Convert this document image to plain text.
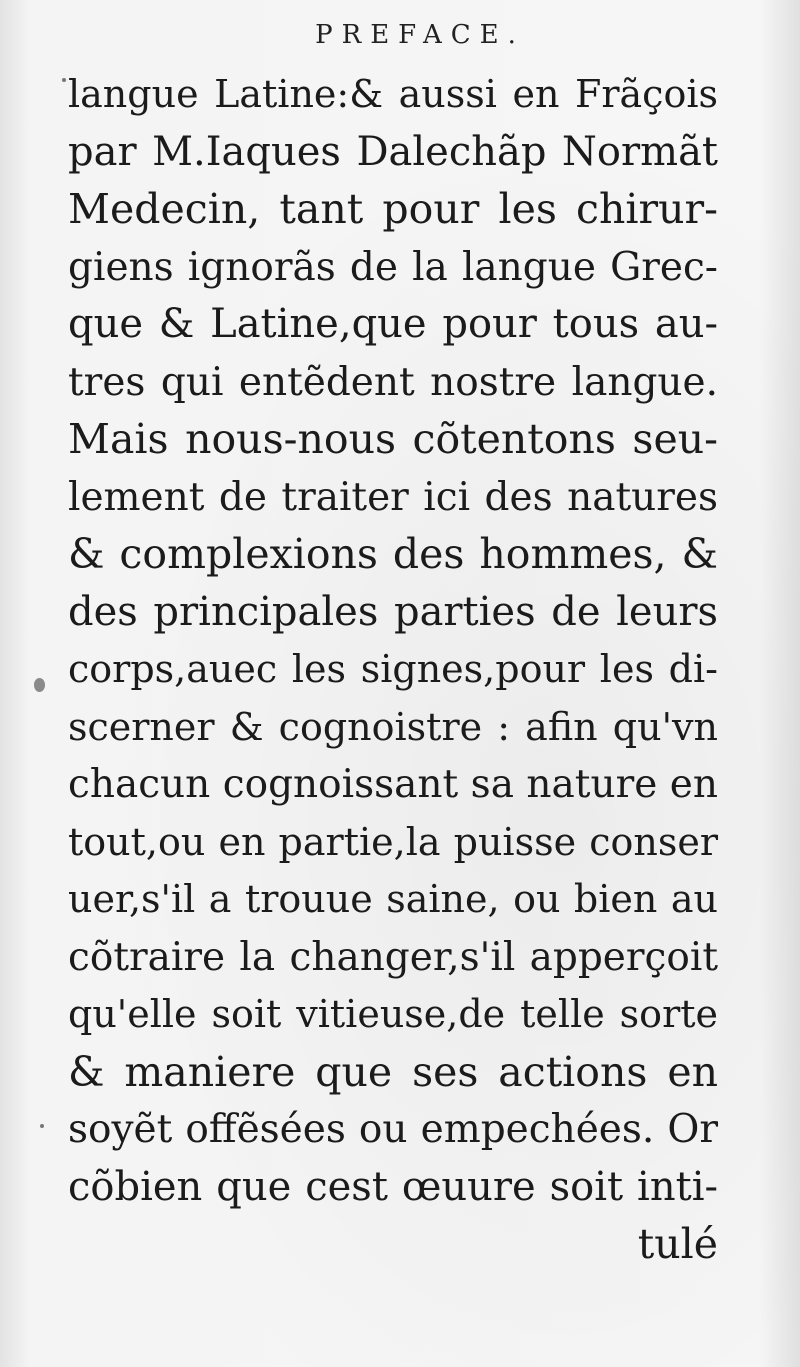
PREFACE.
langue Latine:& aussi en Frãçois
par M.Iaques Dalechãp Normãt
Medecin, tant pour les chirur-
giens ignorãs de la langue Grec-
que & Latine,que pour tous au-
tres qui entẽdent nostre langue.
Mais nous-nous cõtentons seu-
lement de traiter ici des natures
& complexions des hommes, &
des principales parties de leurs
corps,auec les signes,pour les di-
scerner & cognoistre : afin qu'vn
chacun cognoissant sa nature en
tout,ou en partie,la puisse conser
uer,s'il a trouue saine, ou bien au
cõtraire la changer,s'il apperçoit
qu'elle soit vitieuse,de telle sorte
& maniere que ses actions en
soyẽt offẽsées ou empechées. Or
cõbien que cest œuure soit inti-
tulé
